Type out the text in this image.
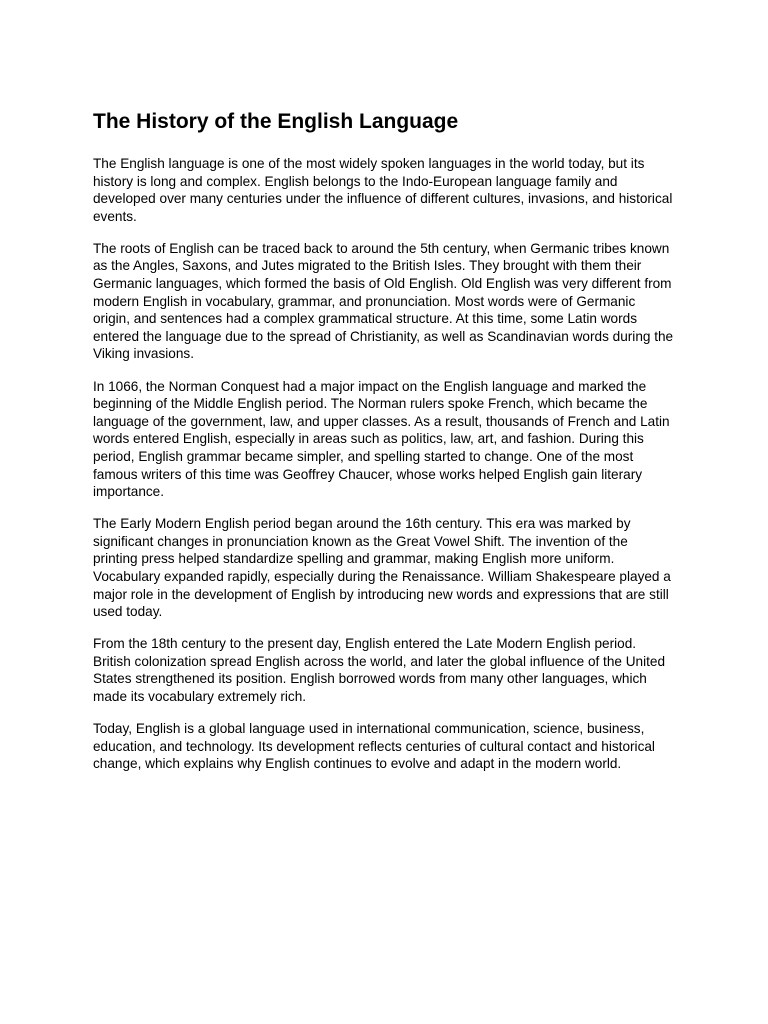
The History of the English Language

The English language is one of the most widely spoken languages in the world today, but its history is long and complex. English belongs to the Indo-European language family and developed over many centuries under the influence of different cultures, invasions, and historical events.

The roots of English can be traced back to around the 5th century, when Germanic tribes known as the Angles, Saxons, and Jutes migrated to the British Isles. They brought with them their Germanic languages, which formed the basis of Old English. Old English was very different from modern English in vocabulary, grammar, and pronunciation. Most words were of Germanic origin, and sentences had a complex grammatical structure. At this time, some Latin words entered the language due to the spread of Christianity, as well as Scandinavian words during the Viking invasions.

In 1066, the Norman Conquest had a major impact on the English language and marked the beginning of the Middle English period. The Norman rulers spoke French, which became the language of the government, law, and upper classes. As a result, thousands of French and Latin words entered English, especially in areas such as politics, law, art, and fashion. During this period, English grammar became simpler, and spelling started to change. One of the most famous writers of this time was Geoffrey Chaucer, whose works helped English gain literary importance.

The Early Modern English period began around the 16th century. This era was marked by significant changes in pronunciation known as the Great Vowel Shift. The invention of the printing press helped standardize spelling and grammar, making English more uniform. Vocabulary expanded rapidly, especially during the Renaissance. William Shakespeare played a major role in the development of English by introducing new words and expressions that are still used today.

From the 18th century to the present day, English entered the Late Modern English period. British colonization spread English across the world, and later the global influence of the United States strengthened its position. English borrowed words from many other languages, which made its vocabulary extremely rich.

Today, English is a global language used in international communication, science, business, education, and technology. Its development reflects centuries of cultural contact and historical change, which explains why English continues to evolve and adapt in the modern world.
